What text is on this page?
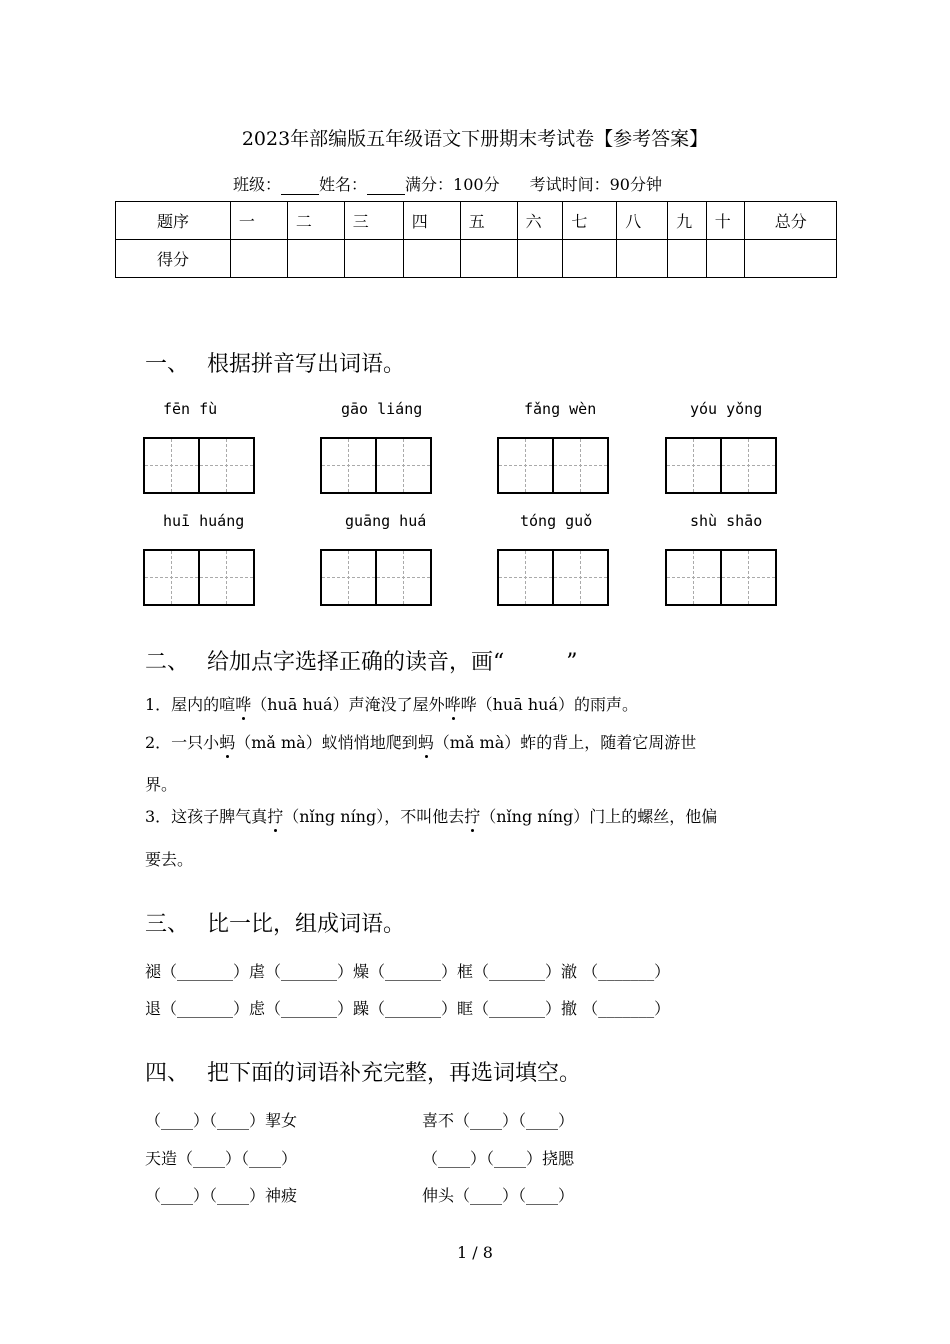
2023年部编版五年级语文下册期末考试卷【参考答案】
班级： 姓名： 满分：100分 考试时间：90分钟
题序	一	二	三	四	五	六	七	八	九	十	总分
得分											
一、 根据拼音写出词语。
fēn fù	gāo liáng	fǎng wèn	yóu yǒng
huī huáng	guāng huá	tóng guǒ	shù shāo
二、 给加点字选择正确的读音，画“	”
1．屋内的喧哗（huā huá）声淹没了屋外哗哗（huā huá）的雨声。
2．一只小蚂（mǎ mà）蚁悄悄地爬到蚂（mǎ mà）蚱的背上，随着它周游世
界。
3．这孩子脾气真拧（nǐng níng），不叫他去拧（nǐng níng）门上的螺丝，他偏
要去。
三、 比一比，组成词语。
褪（_______）虐（_______）燥（_______）框（_______）澈 （_______）
退（_______）虑（_______）躁（_______）眶（_______）撤 （_______）
四、 把下面的词语补充完整，再选词填空。
（____）（____）挈女	喜不（____）（____）
天造（____）（____）	（____）（____）挠腮
（____）（____）神疲	伸头（____）（____）
1 / 8
